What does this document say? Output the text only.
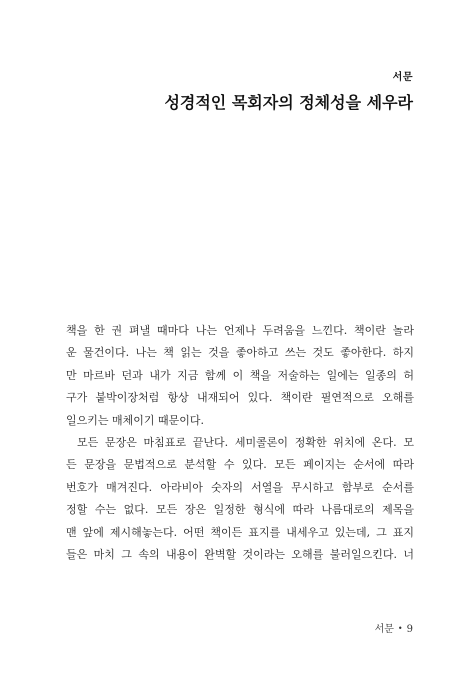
서문
성경적인 목회자의 정체성을 세우라
책을 한 권 펴낼 때마다 나는 언제나 두려움을 느낀다. 책이란 놀라
운 물건이다. 나는 책 읽는 것을 좋아하고 쓰는 것도 좋아한다. 하지
만 마르바 던과 내가 지금 함께 이 책을 저술하는 일에는 일종의 허
구가 붙박이장처럼 항상 내재되어 있다. 책이란 필연적으로 오해를
일으키는 매체이기 때문이다.
모든 문장은 마침표로 끝난다. 세미콜론이 정확한 위치에 온다. 모
든 문장을 문법적으로 분석할 수 있다. 모든 페이지는 순서에 따라
번호가 매겨진다. 아라비아 숫자의 서열을 무시하고 함부로 순서를
정할 수는 없다. 모든 장은 일정한 형식에 따라 나름대로의 제목을
맨 앞에 제시해놓는다. 어떤 책이든 표지를 내세우고 있는데, 그 표지
들은 마치 그 속의 내용이 완벽할 것이라는 오해를 불러일으킨다. 너
서문 • 9
